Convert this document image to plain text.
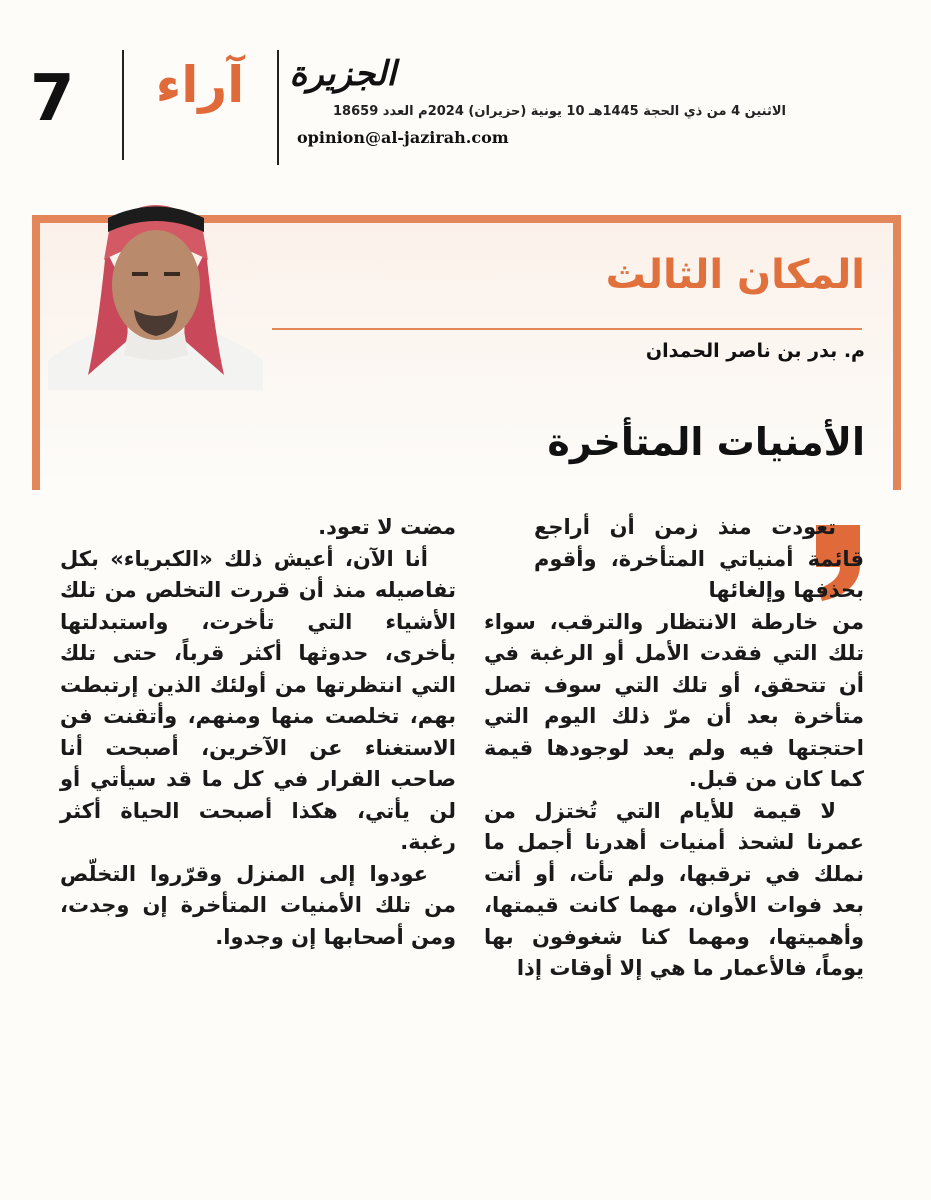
7 آراء الجزيرة
الاثنين 4 من ذي الحجة 1445هـ 10 يونية (حزيران) 2024م العدد 18659
opinion@al-jazirah.com
المكان الثالث
م. بدر بن ناصر الحمدان
الأمنيات المتأخرة

تعودت منذ زمن أن أراجع قائمة أمنياتي المتأخرة، وأقوم بحذفها وإلغائها

من خارطة الانتظار والترقب، سواء تلك التي فقدت الأمل أو الرغبة في أن تتحقق، أو تلك التي سوف تصل متأخرة بعد أن مرّ ذلك اليوم التي احتجتها فيه ولم يعد لوجودها قيمة كما كان من قبل.

لا قيمة للأيام التي تُختزل من عمرنا لشحذ أمنيات أهدرنا أجمل ما نملك في ترقبها، ولم تأت، أو أتت بعد فوات الأوان، مهما كانت قيمتها، وأهميتها، ومهما كنا شغوفون بها يوماً، فالأعمار ما هي إلا أوقات إذا

مضت لا تعود.

أنا الآن، أعيش ذلك «الكبرياء» بكل تفاصيله منذ أن قررت التخلص من تلك الأشياء التي تأخرت، واستبدلتها بأخرى، حدوثها أكثر قرباً، حتى تلك التي انتظرتها من أولئك الذين إرتبطت بهم، تخلصت منها ومنهم، وأتقنت فن الاستغناء عن الآخرين، أصبحت أنا صاحب القرار في كل ما قد سيأتي أو لن يأتي، هكذا أصبحت الحياة أكثر رغبة.

عودوا إلى المنزل وقرّروا التخلّص من تلك الأمنيات المتأخرة إن وجدت، ومن أصحابها إن وجدوا.
